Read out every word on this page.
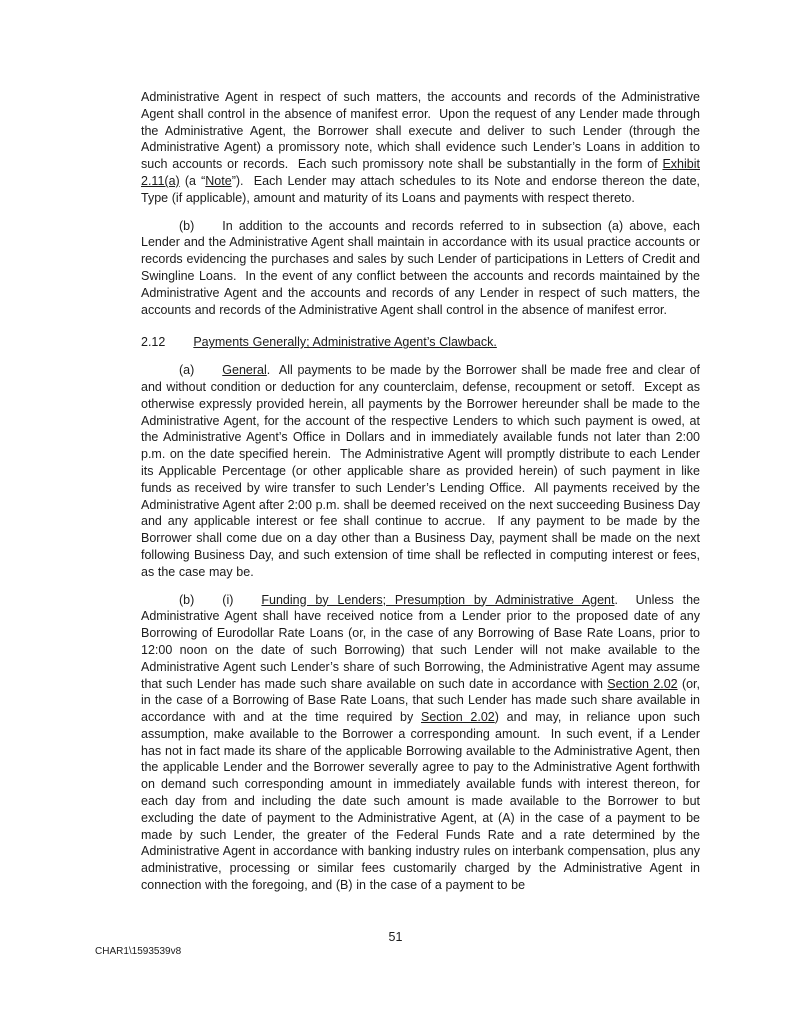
Administrative Agent in respect of such matters, the accounts and records of the Administrative Agent shall control in the absence of manifest error.  Upon the request of any Lender made through the Administrative Agent, the Borrower shall execute and deliver to such Lender (through the Administrative Agent) a promissory note, which shall evidence such Lender’s Loans in addition to such accounts or records.  Each such promissory note shall be substantially in the form of Exhibit 2.11(a) (a “Note”).  Each Lender may attach schedules to its Note and endorse thereon the date, Type (if applicable), amount and maturity of its Loans and payments with respect thereto.

(b) In addition to the accounts and records referred to in subsection (a) above, each Lender and the Administrative Agent shall maintain in accordance with its usual practice accounts or records evidencing the purchases and sales by such Lender of participations in Letters of Credit and Swingline Loans.  In the event of any conflict between the accounts and records maintained by the Administrative Agent and the accounts and records of any Lender in respect of such matters, the accounts and records of the Administrative Agent shall control in the absence of manifest error.

2.12 Payments Generally; Administrative Agent’s Clawback.

(a) General.  All payments to be made by the Borrower shall be made free and clear of and without condition or deduction for any counterclaim, defense, recoupment or setoff.  Except as otherwise expressly provided herein, all payments by the Borrower hereunder shall be made to the Administrative Agent, for the account of the respective Lenders to which such payment is owed, at the Administrative Agent’s Office in Dollars and in immediately available funds not later than 2:00 p.m. on the date specified herein.  The Administrative Agent will promptly distribute to each Lender its Applicable Percentage (or other applicable share as provided herein) of such payment in like funds as received by wire transfer to such Lender’s Lending Office.  All payments received by the Administrative Agent after 2:00 p.m. shall be deemed received on the next succeeding Business Day and any applicable interest or fee shall continue to accrue.  If any payment to be made by the Borrower shall come due on a day other than a Business Day, payment shall be made on the next following Business Day, and such extension of time shall be reflected in computing interest or fees, as the case may be.

(b) (i) Funding by Lenders; Presumption by Administrative Agent.  Unless the Administrative Agent shall have received notice from a Lender prior to the proposed date of any Borrowing of Eurodollar Rate Loans (or, in the case of any Borrowing of Base Rate Loans, prior to 12:00 noon on the date of such Borrowing) that such Lender will not make available to the Administrative Agent such Lender’s share of such Borrowing, the Administrative Agent may assume that such Lender has made such share available on such date in accordance with Section 2.02 (or, in the case of a Borrowing of Base Rate Loans, that such Lender has made such share available in accordance with and at the time required by Section 2.02) and may, in reliance upon such assumption, make available to the Borrower a corresponding amount.  In such event, if a Lender has not in fact made its share of the applicable Borrowing available to the Administrative Agent, then the applicable Lender and the Borrower severally agree to pay to the Administrative Agent forthwith on demand such corresponding amount in immediately available funds with interest thereon, for each day from and including the date such amount is made available to the Borrower to but excluding the date of payment to the Administrative Agent, at (A) in the case of a payment to be made by such Lender, the greater of the Federal Funds Rate and a rate determined by the Administrative Agent in accordance with banking industry rules on interbank compensation, plus any administrative, processing or similar fees customarily charged by the Administrative Agent in connection with the foregoing, and (B) in the case of a payment to be

51
CHAR1\1593539v8
